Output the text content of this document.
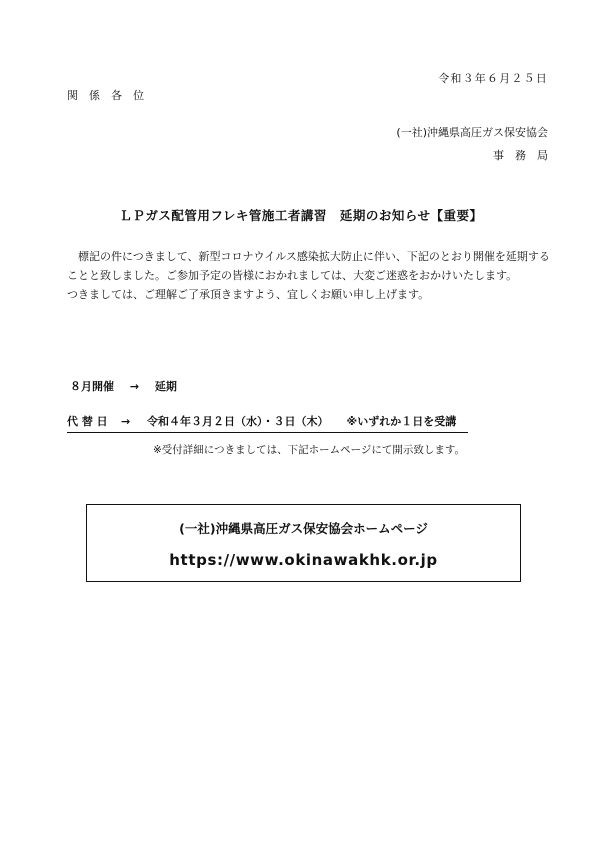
令和３年６月２５日
関　係　各　位
(一社)沖縄県高圧ガス保安協会
事　務　局
ＬＰガス配管用フレキ管施工者講習　延期のお知らせ【重要】

標記の件につきまして、新型コロナウイルス感染拡大防止に伴い、下記のとおり開催を延期することと致しました。ご参加予定の皆様におかれましては、大変ご迷惑をおかけいたします。

つきましては、ご理解ご了承頂きますよう、宜しくお願い申し上げます。

８月開催 → 延期
代 替 日 → 令和４年３月２日（水）・３日（木） ※いずれか１日を受講
※受付詳細につきましては、下記ホームページにて開示致します。
(一社)沖縄県高圧ガス保安協会ホームページ
https://www.okinawakhk.or.jp
